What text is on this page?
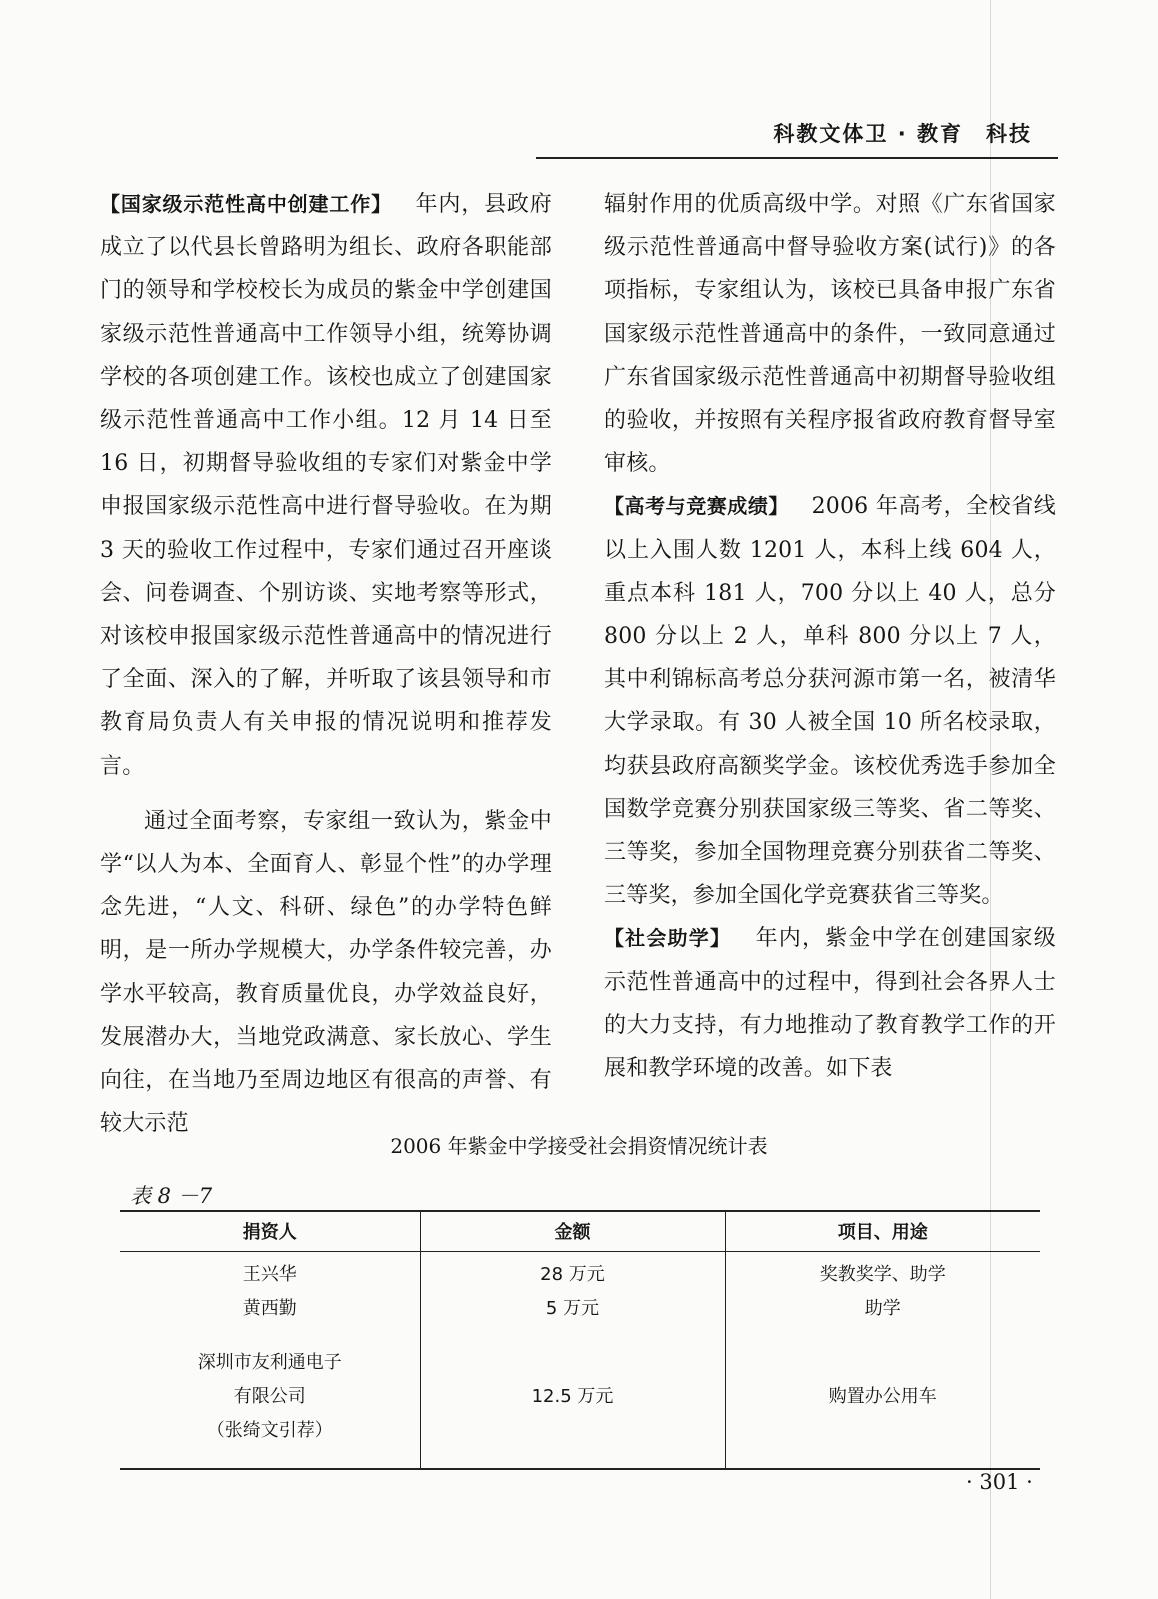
科教文体卫 · 教育　科技

【国家级示范性高中创建工作】 年内，县政府成立了以代县长曾路明为组长、政府各职能部门的领导和学校校长为成员的紫金中学创建国家级示范性普通高中工作领导小组，统筹协调学校的各项创建工作。该校也成立了创建国家级示范性普通高中工作小组。12 月 14 日至 16 日，初期督导验收组的专家们对紫金中学申报国家级示范性高中进行督导验收。在为期 3 天的验收工作过程中，专家们通过召开座谈会、问卷调查、个别访谈、实地考察等形式，对该校申报国家级示范性普通高中的情况进行了全面、深入的了解，并听取了该县领导和市教育局负责人有关申报的情况说明和推荐发言。

通过全面考察，专家组一致认为，紫金中学“以人为本、全面育人、彰显个性”的办学理念先进，“人文、科研、绿色”的办学特色鲜明，是一所办学规模大，办学条件较完善，办学水平较高，教育质量优良，办学效益良好，发展潜办大，当地党政满意、家长放心、学生向往，在当地乃至周边地区有很高的声誉、有较大示范

辐射作用的优质高级中学。对照《广东省国家级示范性普通高中督导验收方案(试行)》的各项指标，专家组认为，该校已具备申报广东省国家级示范性普通高中的条件，一致同意通过广东省国家级示范性普通高中初期督导验收组的验收，并按照有关程序报省政府教育督导室审核。

【高考与竞赛成绩】 2006 年高考，全校省线以上入围人数 1201 人，本科上线 604 人，重点本科 181 人，700 分以上 40 人，总分 800 分以上 2 人，单科 800 分以上 7 人，其中利锦标高考总分获河源市第一名，被清华大学录取。有 30 人被全国 10 所名校录取，均获县政府高额奖学金。该校优秀选手参加全国数学竞赛分别获国家级三等奖、省二等奖、三等奖，参加全国物理竞赛分别获省二等奖、三等奖，参加全国化学竞赛获省三等奖。

【社会助学】 年内，紫金中学在创建国家级示范性普通高中的过程中，得到社会各界人士的大力支持，有力地推动了教育教学工作的开展和教学环境的改善。如下表

2006 年紫金中学接受社会捐资情况统计表
表 8 －7
捐资人	金额	项目、用途

王兴华	28 万元	奖教奖学、助学

黄西勤	5 万元	助学

深圳市友利通电子
有限公司
（张绮文引荐）	12.5 万元	购置办公用车
· 301 ·
